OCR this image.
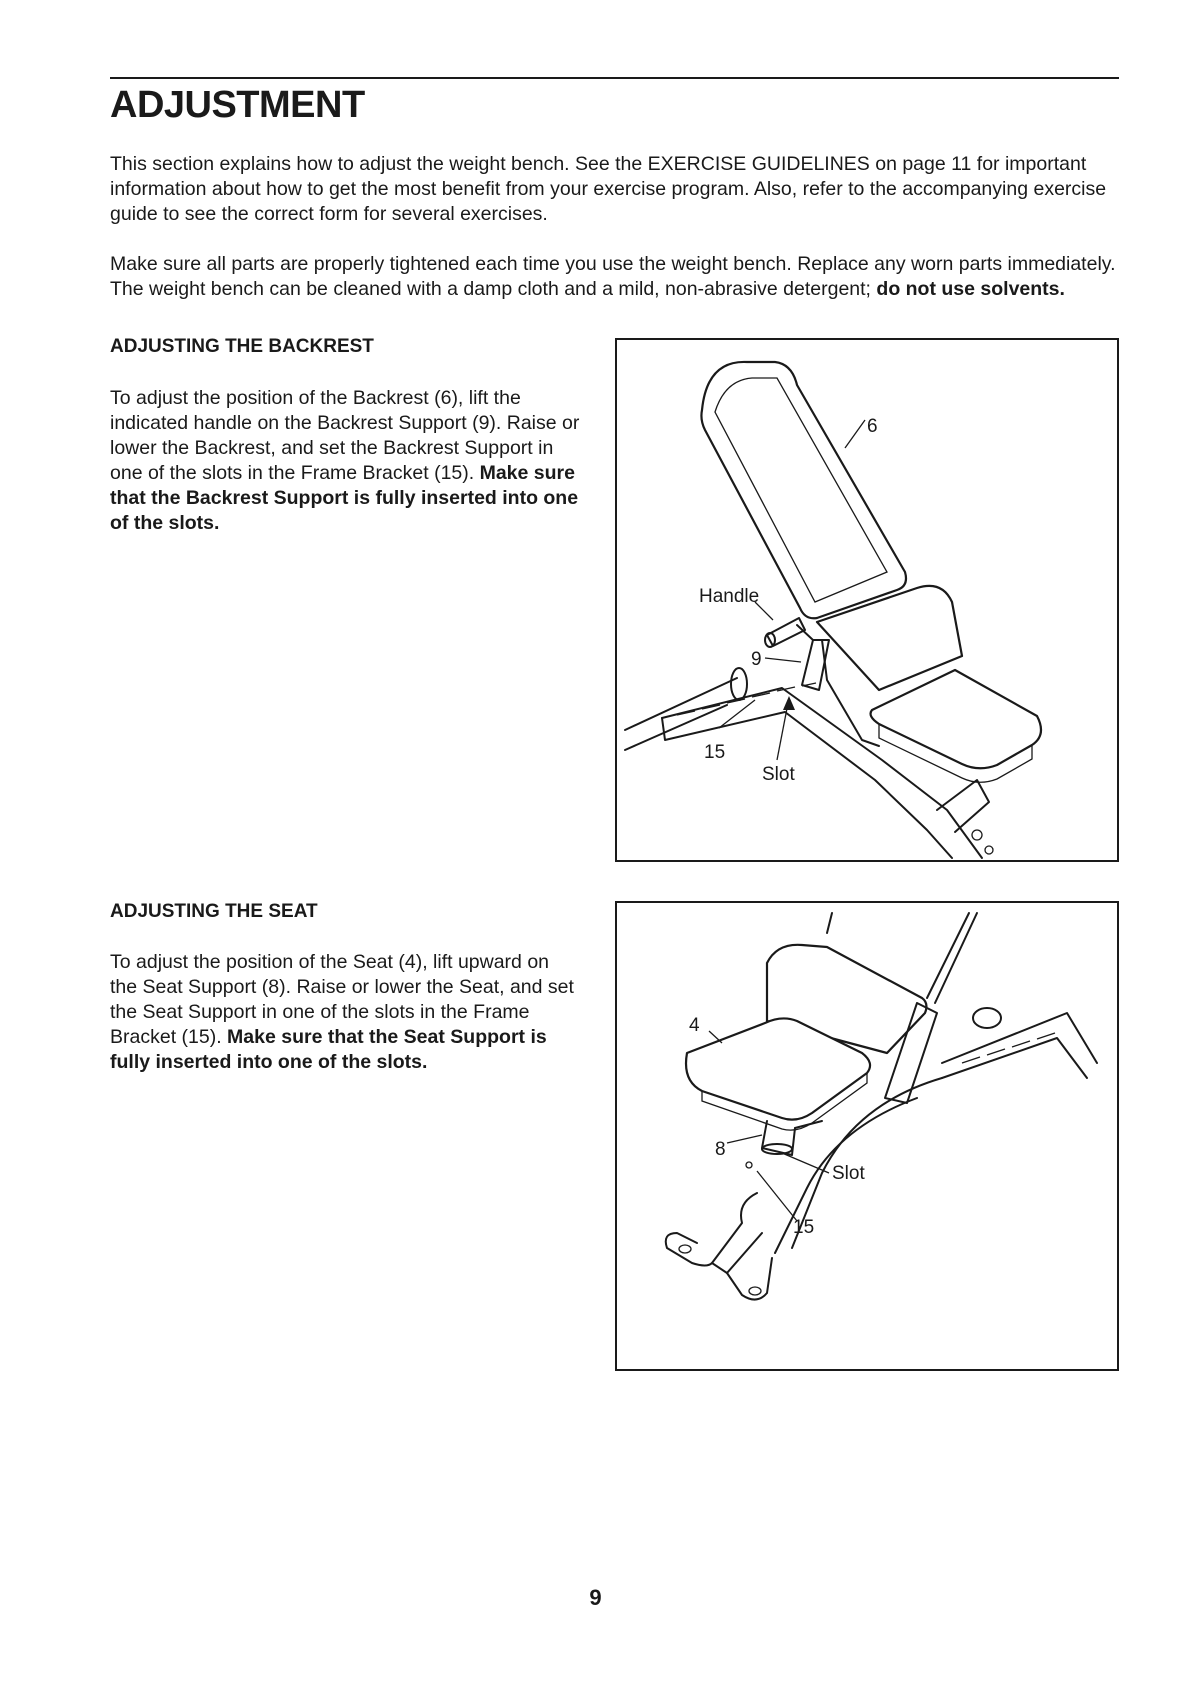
ADJUSTMENT

This section explains how to adjust the weight bench. See the EXERCISE GUIDELINES on page 11 for important information about how to get the most benefit from your exercise program. Also, refer to the accompanying exercise guide to see the correct form for several exercises.

Make sure all parts are properly tightened each time you use the weight bench. Replace any worn parts immediately. The weight bench can be cleaned with a damp cloth and a mild, non-abrasive detergent; do not use solvents.

ADJUSTING THE BACKREST

To adjust the position of the Backrest (6), lift the indicated handle on the Backrest Support (9). Raise or lower the Backrest, and set the Backrest Support in one of the slots in the Frame Bracket (15). Make sure that the Backrest Support is fully inserted into one of the slots.

6
Handle
9
15
Slot
ADJUSTING THE SEAT

To adjust the position of the Seat (4), lift upward on the Seat Support (8). Raise or lower the Seat, and set the Seat Support in one of the slots in the Frame Bracket (15). Make sure that the Seat Support is fully inserted into one of the slots.

4
8
Slot
15
9
